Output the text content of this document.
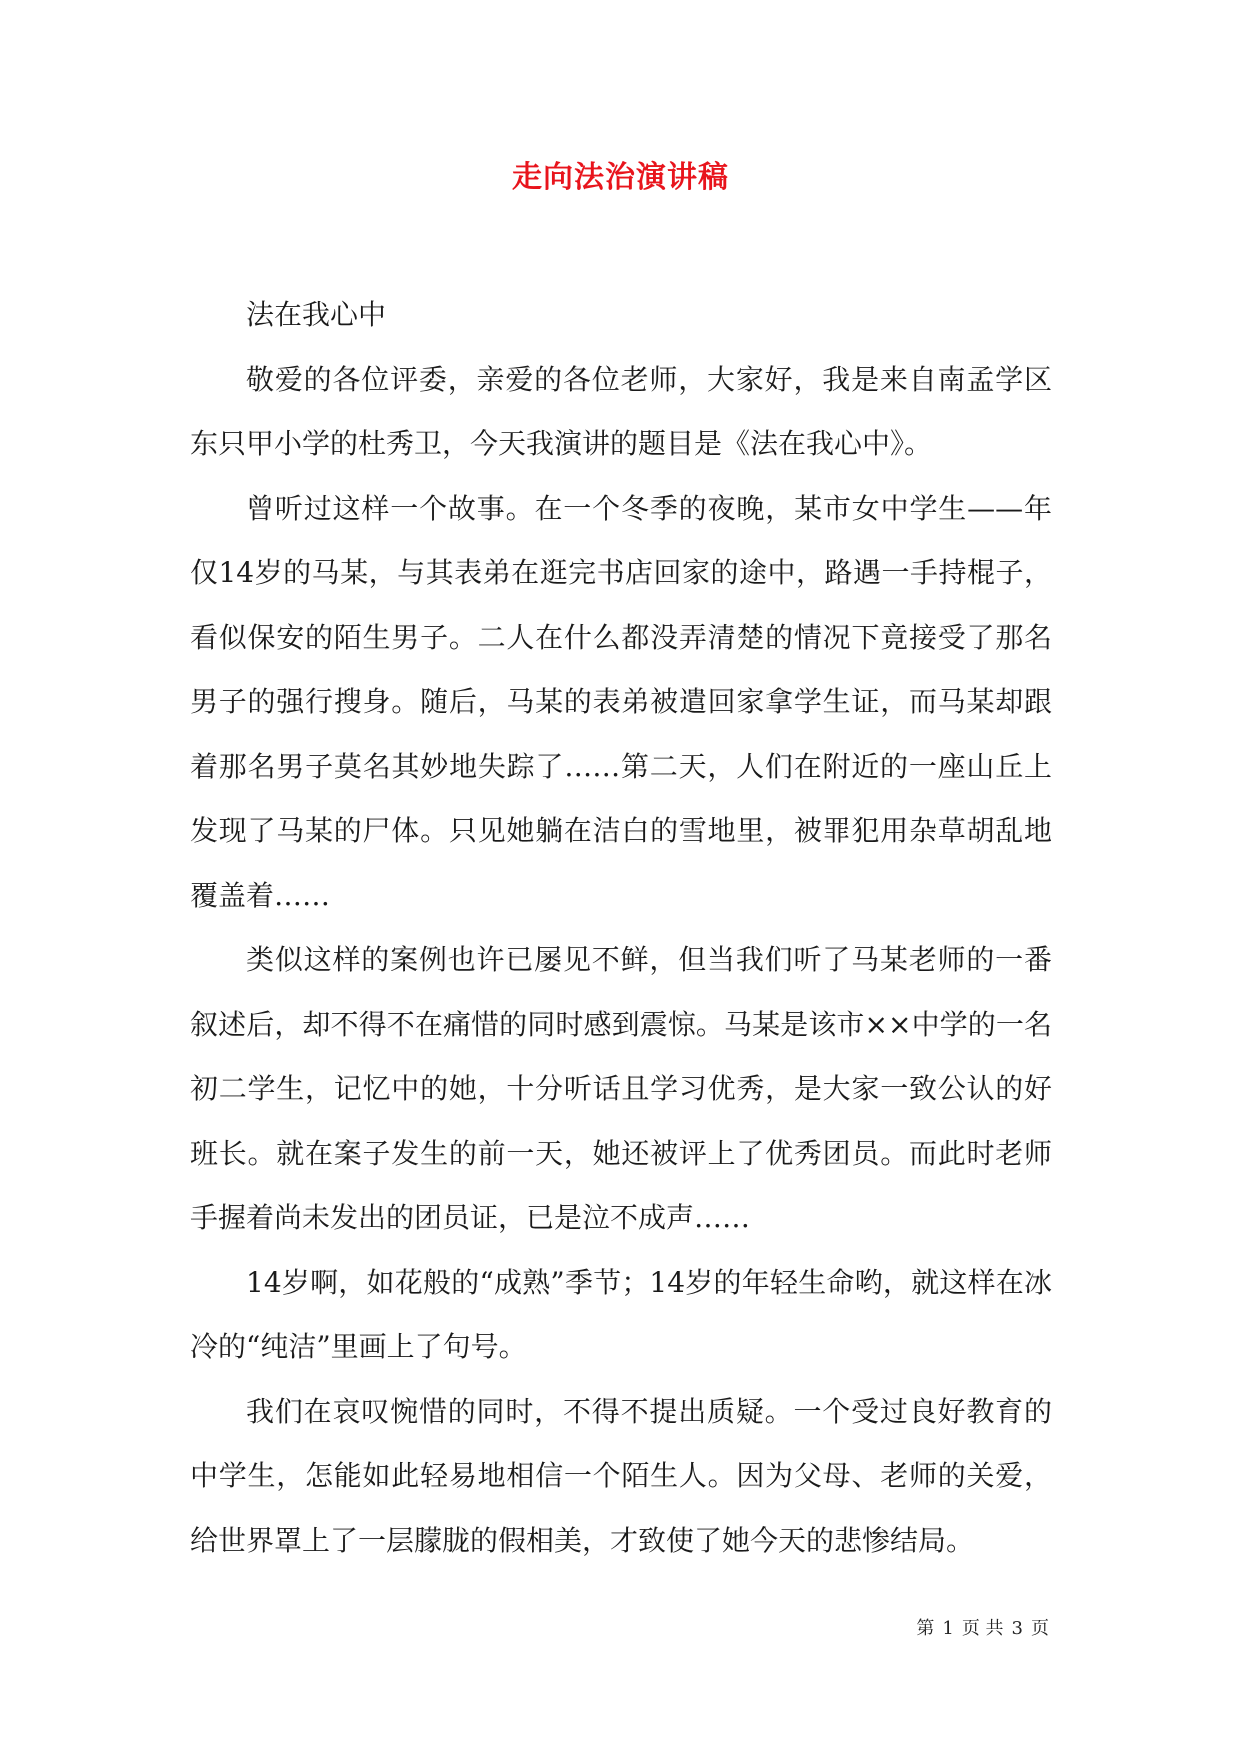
走向法治演讲稿

法在我心中

敬爱的各位评委，亲爱的各位老师，大家好，我是来自南孟学区东只甲小学的杜秀卫，今天我演讲的题目是《法在我心中》。

曾听过这样一个故事。在一个冬季的夜晚，某市女中学生——年仅14岁的马某，与其表弟在逛完书店回家的途中，路遇一手持棍子，看似保安的陌生男子。二人在什么都没弄清楚的情况下竟接受了那名男子的强行搜身。随后，马某的表弟被遣回家拿学生证，而马某却跟着那名男子莫名其妙地失踪了……第二天，人们在附近的一座山丘上发现了马某的尸体。只见她躺在洁白的雪地里，被罪犯用杂草胡乱地覆盖着……

类似这样的案例也许已屡见不鲜，但当我们听了马某老师的一番叙述后，却不得不在痛惜的同时感到震惊。马某是该市××中学的一名初二学生，记忆中的她，十分听话且学习优秀，是大家一致公认的好班长。就在案子发生的前一天，她还被评上了优秀团员。而此时老师手握着尚未发出的团员证，已是泣不成声……

14岁啊，如花般的“成熟”季节；14岁的年轻生命哟，就这样在冰冷的“纯洁”里画上了句号。

我们在哀叹惋惜的同时，不得不提出质疑。一个受过良好教育的中学生，怎能如此轻易地相信一个陌生人。因为父母、老师的关爱，给世界罩上了一层朦胧的假相美，才致使了她今天的悲惨结局。

第 1 页 共 3 页
